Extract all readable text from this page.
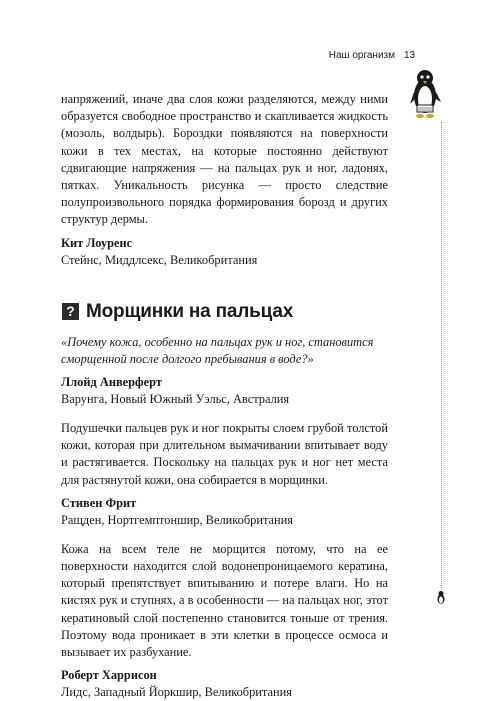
Наш организм 13

напряжений, иначе два слоя кожи разделяются, между ними образуется свободное пространство и скапливается жидкость (мозоль, волдырь). Бороздки появляются на поверхности кожи в тех местах, на которые постоянно действуют сдвигающие напряжения — на пальцах рук и ног, ладонях, пятках. Уникальность рисунка — просто следствие полупроизвольного порядка формирования борозд и других структур дермы.

Кит Лоуренс

Стейнс, Миддлсекс, Великобритания

? Морщинки на пальцах

«Почему кожа, особенно на пальцах рук и ног, становится сморщенной после долгого пребывания в воде?»

Ллойд Анверферт

Варунга, Новый Южный Уэльс, Австралия

Подушечки пальцев рук и ног покрыты слоем грубой толстой кожи, которая при длительном вымачивании впитывает воду и растягивается. Поскольку на пальцах рук и ног нет места для растянутой кожи, она собирается в морщинки.

Стивен Фрит

Ращден, Нортгемптоншир, Великобритания

Кожа на всем теле не морщится потому, что на ее поверхности находится слой водонепроницаемого кератина, который препятствует впитыванию и потере влаги. Но на кистях рук и ступнях, а в особенности — на пальцах ног, этот кератиновый слой постепенно становится тоньше от трения. Поэтому вода проникает в эти клетки в процессе осмоса и вызывает их разбухание.

Роберт Харрисон

Лидс, Западный Йоркшир, Великобритания
